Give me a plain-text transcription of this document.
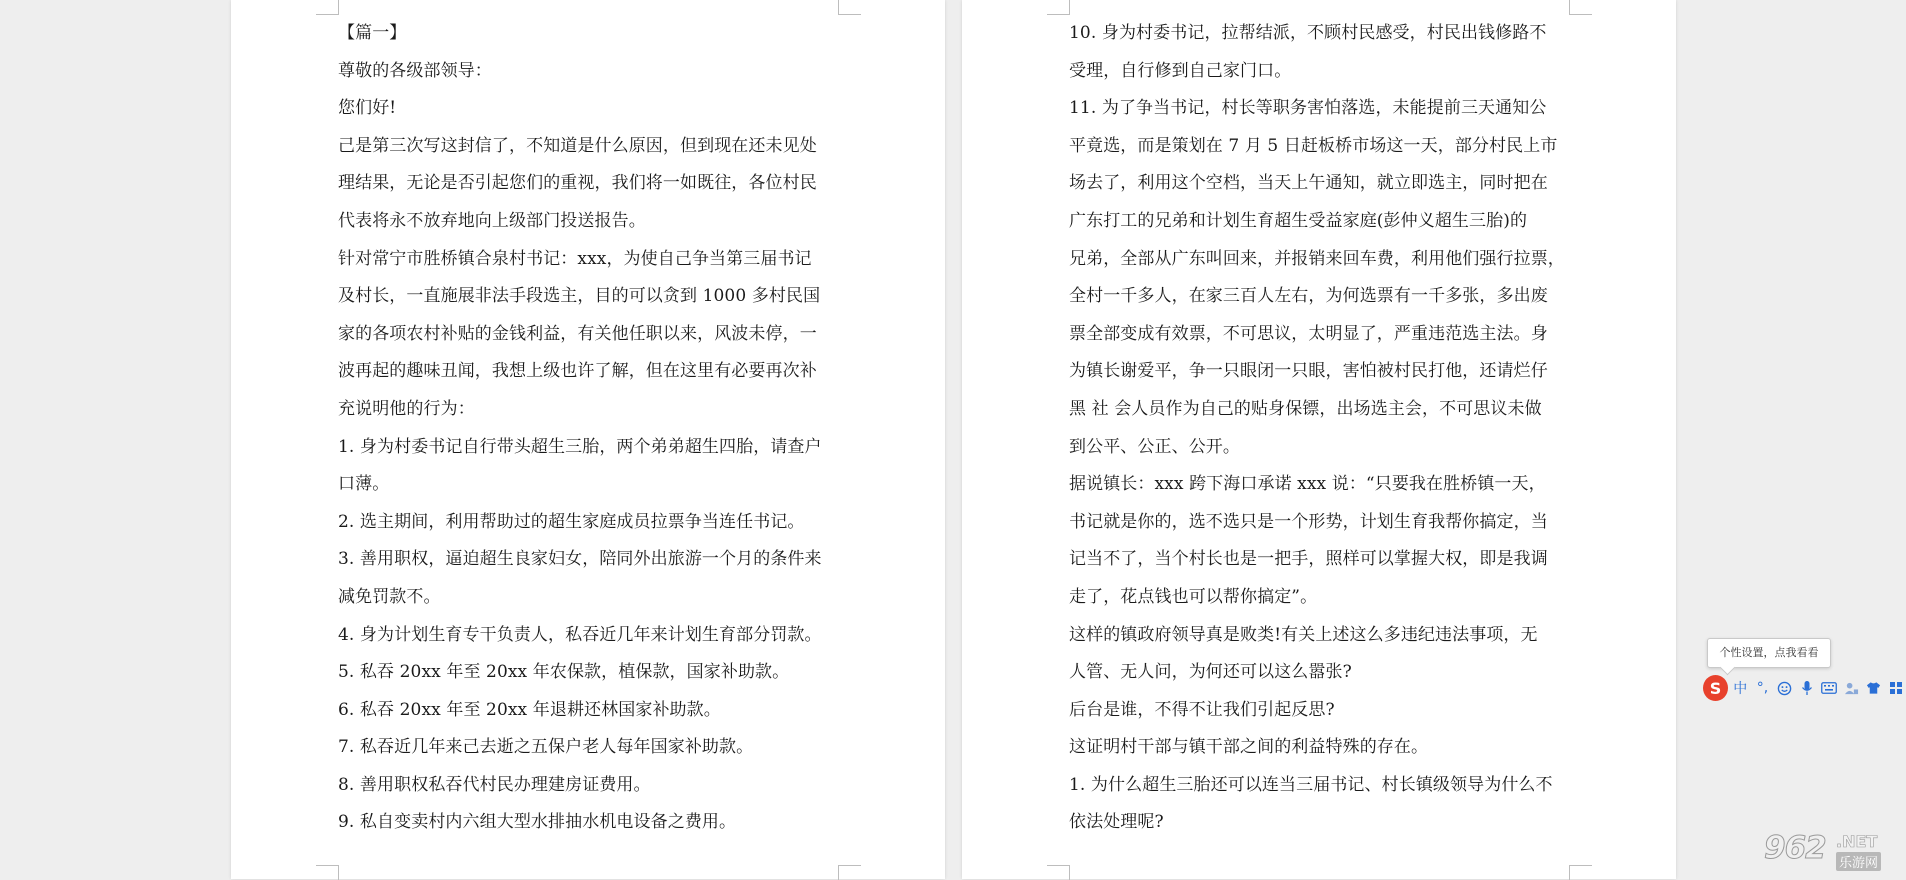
【篇一】
尊敬的各级部领导：
您们好!
己是第三次写这封信了，不知道是什么原因，但到现在还未见处
理结果，无论是否引起您们的重视，我们将一如既往，各位村民
代表将永不放弃地向上级部门投送报告。
针对常宁市胜桥镇合泉村书记：xxx，为使自己争当第三届书记
及村长，一直施展非法手段选主，目的可以贪到 1000 多村民国
家的各项农村补贴的金钱利益，有关他任职以来，风波未停，一
波再起的趣味丑闻，我想上级也许了解，但在这里有必要再次补
充说明他的行为：
1. 身为村委书记自行带头超生三胎，两个弟弟超生四胎，请查户
口薄。
2. 选主期间，利用帮助过的超生家庭成员拉票争当连任书记。
3. 善用职权，逼迫超生良家妇女，陪同外出旅游一个月的条件来
减免罚款不。
4. 身为计划生育专干负责人，私吞近几年来计划生育部分罚款。
5. 私吞 20xx 年至 20xx 年农保款，植保款，国家补助款。
6. 私吞 20xx 年至 20xx 年退耕还林国家补助款。
7. 私吞近几年来己去逝之五保户老人每年国家补助款。
8. 善用职权私吞代村民办理建房证费用。
9. 私自变卖村内六组大型水排抽水机电设备之费用。
10. 身为村委书记，拉帮结派，不顾村民感受，村民出钱修路不
受理，自行修到自己家门口。
11. 为了争当书记，村长等职务害怕落选，未能提前三天通知公
平竟选，而是策划在 7 月 5 日赶板桥市场这一天，部分村民上市
场去了，利用这个空档，当天上午通知，就立即选主，同时把在
广东打工的兄弟和计划生育超生受益家庭(彭仲义超生三胎)的
兄弟，全部从广东叫回来，并报销来回车费，利用他们强行拉票，
全村一千多人，在家三百人左右，为何选票有一千多张，多出废
票全部变成有效票，不可思议，太明显了，严重违范选主法。身
为镇长谢爱平，争一只眼闭一只眼，害怕被村民打他，还请烂仔
黑 社 会人员作为自己的贴身保镖，出场选主会，不可思议未做
到公平、公正、公开。
据说镇长：xxx 跨下海口承诺 xxx 说：“只要我在胜桥镇一天，
书记就是你的，选不选只是一个形势，计划生育我帮你搞定，当
记当不了，当个村长也是一把手，照样可以掌握大权，即是我调
走了，花点钱也可以帮你搞定”。
这样的镇政府领导真是败类!有关上述这么多违纪违法事项，无
人管、无人问，为何还可以这么嚣张?
后台是谁，不得不让我们引起反思?
这证明村干部与镇干部之间的利益特殊的存在。
1. 为什么超生三胎还可以连当三届书记、村长镇级领导为什么不
依法处理呢?
个性设置，点我看看
S 中 °,
962 .NET
乐游网
